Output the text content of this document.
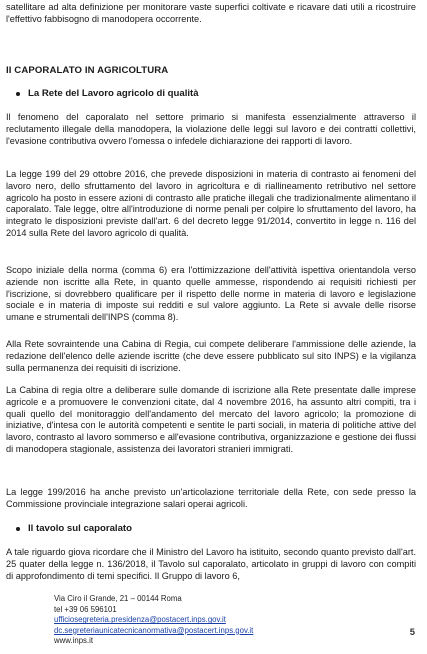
satellitare ad alta definizione per monitorare vaste superfici coltivate e ricavare dati utili a ricostruire l'effettivo fabbisogno di manodopera occorrente.

II CAPORALATO IN AGRICOLTURA
La Rete del Lavoro agricolo di qualità

Il fenomeno del caporalato nel settore primario si manifesta essenzialmente attraverso il reclutamento illegale della manodopera, la violazione delle leggi sul lavoro e dei contratti collettivi, l'evasione contributiva ovvero l'omessa o infedele dichiarazione dei rapporti di lavoro.

La legge 199 del 29 ottobre 2016, che prevede disposizioni in materia di contrasto ai fenomeni del lavoro nero, dello sfruttamento del lavoro in agricoltura e di riallineamento retributivo nel settore agricolo ha posto in essere azioni di contrasto alle pratiche illegali che tradizionalmente alimentano il caporalato. Tale legge, oltre all'introduzione di norme penali per colpire lo sfruttamento del lavoro, ha integrato le disposizioni previste dall'art. 6 del decreto legge 91/2014, convertito in legge n. 116 del 2014 sulla Rete del lavoro agricolo di qualità.

Scopo iniziale della norma (comma 6) era l'ottimizzazione dell'attività ispettiva orientandola verso aziende non iscritte alla Rete, in quanto quelle ammesse, rispondendo ai requisiti richiesti per l'iscrizione, si dovrebbero qualificare per il rispetto delle norme in materia di lavoro e legislazione sociale e in materia di imposte sui redditi e sul valore aggiunto. La Rete si avvale delle risorse umane e strumentali dell'INPS (comma 8).

Alla Rete sovraintende una Cabina di Regia, cui compete deliberare l'ammissione delle aziende, la redazione dell'elenco delle aziende iscritte (che deve essere pubblicato sul sito INPS) e la vigilanza sulla permanenza dei requisiti di iscrizione.

La Cabina di regia oltre a deliberare sulle domande di iscrizione alla Rete presentate dalle imprese agricole e a promuovere le convenzioni citate, dal 4 novembre 2016, ha assunto altri compiti, tra i quali quello del monitoraggio dell'andamento del mercato del lavoro agricolo; la promozione di iniziative, d'intesa con le autorità competenti e sentite le parti sociali, in materia di politiche attive del lavoro, contrasto al lavoro sommerso e all'evasione contributiva, organizzazione e gestione dei flussi di manodopera stagionale, assistenza dei lavoratori stranieri immigrati.

La legge 199/2016 ha anche previsto un'articolazione territoriale della Rete, con sede presso la Commissione provinciale integrazione salari operai agricoli.

Il tavolo sul caporalato

A tale riguardo giova ricordare che il Ministro del Lavoro ha istituito, secondo quanto previsto dall'art. 25 quater della legge n. 136/2018, il Tavolo sul caporalato, articolato in gruppi di lavoro con compiti di approfondimento di temi specifici. Il Gruppo di lavoro 6,

Via Ciro il Grande, 21 – 00144 Roma
tel +39 06 596101
ufficiosegreteria.presidenza@postacert.inps.gov.it
dc.segreteriaunicatecnicanormativa@postacert.inps.gov.it
www.inps.it
5
